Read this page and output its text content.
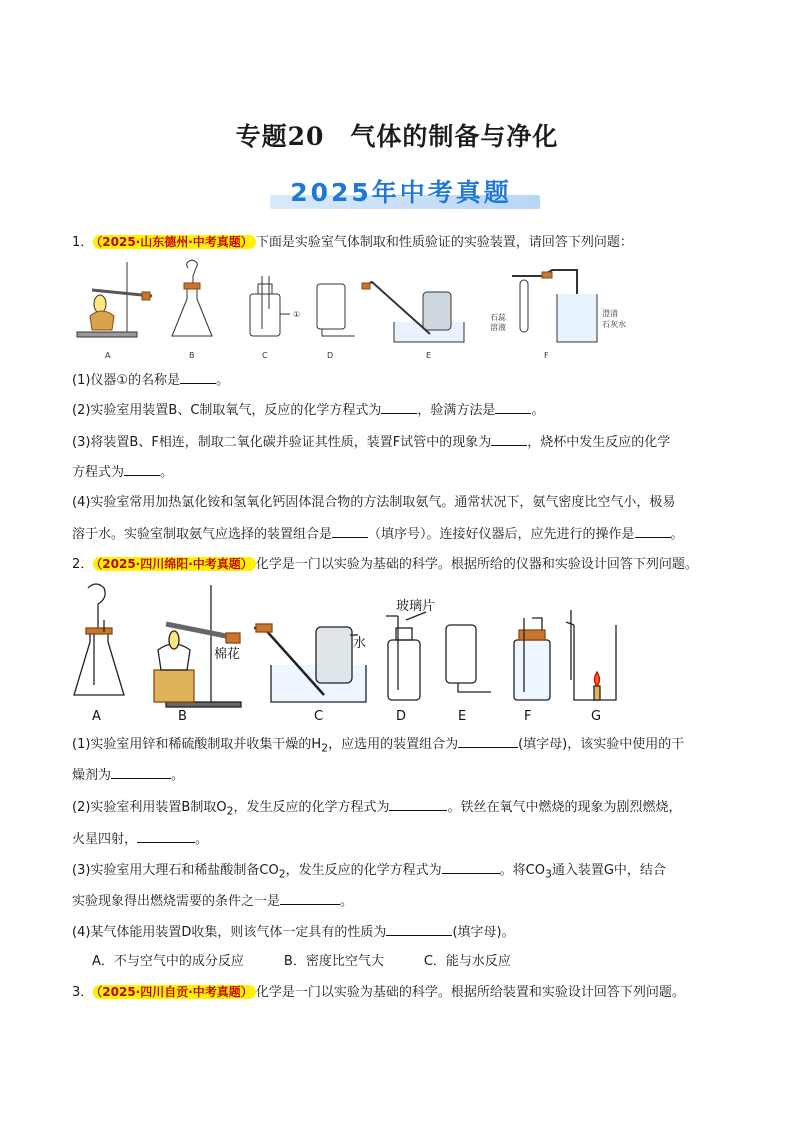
专题20　气体的制备与净化
2025年中考真题
1． （2025·山东德州·中考真题） 下面是实验室气体制取和性质验证的实验装置，请回答下列问题：
A	B	C	D	E	F
①	石蕊
溶液
澄清
石灰水
(1)仪器①的名称是	。
(2)实验室用装置B、C制取氧气，反应的化学方程式为	，验满方法是	。
(3)将装置B、F相连，制取二氧化碳并验证其性质，装置F试管中的现象为	，烧杯中发生反应的化学
方程式为	。
(4)实验室常用加热氯化铵和氢氧化钙固体混合物的方法制取氨气。通常状况下，氨气密度比空气小，极易
溶于水。实验室制取氨气应选择的装置组合是	（填序号）。连接好仪器后，应先进行的操作是	。
2． （2025·四川绵阳·中考真题） 化学是一门以实验为基础的科学。根据所给的仪器和实验设计回答下列问题。
A	B	C	D	E	F	G
棉花
水
玻璃片
(1)实验室用锌和稀硫酸制取并收集干燥的$H_2$，应选用的装置组合为	(填字母)，该实验中使用的干
燥剂为	。
(2)实验室利用装置B制取$O_2$，发生反应的化学方程式为	。铁丝在氧气中燃烧的现象为剧烈燃烧，
火星四射，	。
(3)实验室用大理石和稀盐酸制备$CO_2$，发生反应的化学方程式为	。将$CO_3$通入装置G中，结合
实验现象得出燃烧需要的条件之一是	。
(4)某气体能用装置D收集，则该气体一定具有的性质为	(填字母)。
A．不与空气中的成分反应	B．密度比空气大	C．能与水反应
3． （2025·四川自贡·中考真题） 化学是一门以实验为基础的科学。根据所给装置和实验设计回答下列问题。
